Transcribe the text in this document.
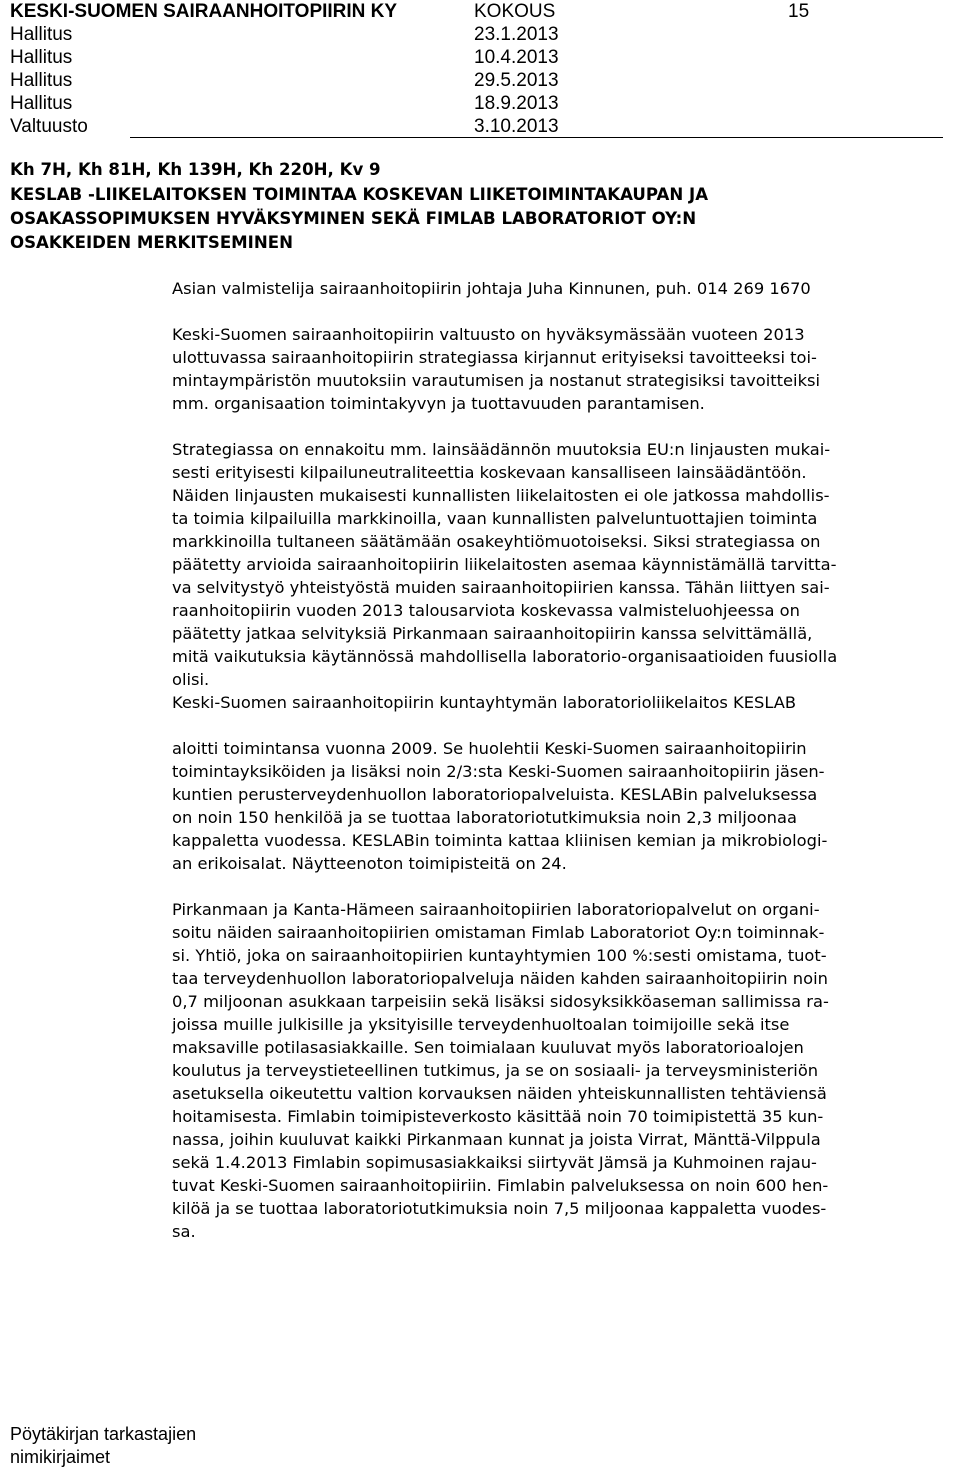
KESKI-SUOMEN SAIRAANHOITOPIIRIN KY	KOKOUS	15
Hallitus	23.1.2013
Hallitus	10.4.2013
Hallitus	29.5.2013
Hallitus	18.9.2013
Valtuusto	3.10.2013
Kh 7H, Kh 81H, Kh 139H, Kh 220H, Kv 9
KESLAB -LIIKELAITOKSEN TOIMINTAA KOSKEVAN LIIKETOIMINTAKAUPAN JA
OSAKASSOPIMUKSEN HYVÄKSYMINEN SEKÄ FIMLAB LABORATORIOT OY:N
OSAKKEIDEN MERKITSEMINEN
Asian valmistelija sairaanhoitopiirin johtaja Juha Kinnunen, puh. 014 269 1670
Keski-Suomen sairaanhoitopiirin valtuusto on hyväksymässään vuoteen 2013
ulottuvassa sairaanhoitopiirin strategiassa kirjannut erityiseksi tavoitteeksi toi-
mintaympäristön muutoksiin varautumisen ja nostanut strategisiksi tavoitteiksi
mm. organisaation toimintakyvyn ja tuottavuuden parantamisen.
Strategiassa on ennakoitu mm. lainsäädännön muutoksia EU:n linjausten mukai-
sesti erityisesti kilpailuneutraliteettia koskevaan kansalliseen lainsäädäntöön.
Näiden linjausten mukaisesti kunnallisten liikelaitosten ei ole jatkossa mahdollis-
ta toimia kilpailuilla markkinoilla, vaan kunnallisten palveluntuottajien toiminta
markkinoilla tultaneen säätämään osakeyhtiömuotoiseksi. Siksi strategiassa on
päätetty arvioida sairaanhoitopiirin liikelaitosten asemaa käynnistämällä tarvitta-
va selvitystyö yhteistyöstä muiden sairaanhoitopiirien kanssa. Tähän liittyen sai-
raanhoitopiirin vuoden 2013 talousarviota koskevassa valmisteluohjeessa on
päätetty jatkaa selvityksiä Pirkanmaan sairaanhoitopiirin kanssa selvittämällä,
mitä vaikutuksia käytännössä mahdollisella laboratorio-organisaatioiden fuusiolla
olisi.
Keski-Suomen sairaanhoitopiirin kuntayhtymän laboratorioliikelaitos KESLAB
aloitti toimintansa vuonna 2009. Se huolehtii Keski-Suomen sairaanhoitopiirin
toimintayksiköiden ja lisäksi noin 2/3:sta Keski-Suomen sairaanhoitopiirin jäsen-
kuntien perusterveydenhuollon laboratoriopalveluista. KESLABin palveluksessa
on noin 150 henkilöä ja se tuottaa laboratoriotutkimuksia noin 2,3 miljoonaa
kappaletta vuodessa. KESLABin toiminta kattaa kliinisen kemian ja mikrobiologi-
an erikoisalat. Näytteenoton toimipisteitä on 24.
Pirkanmaan ja Kanta-Hämeen sairaanhoitopiirien laboratoriopalvelut on organi-
soitu näiden sairaanhoitopiirien omistaman Fimlab Laboratoriot Oy:n toiminnak-
si. Yhtiö, joka on sairaanhoitopiirien kuntayhtymien 100 %:sesti omistama, tuot-
taa terveydenhuollon laboratoriopalveluja näiden kahden sairaanhoitopiirin noin
0,7 miljoonan asukkaan tarpeisiin sekä lisäksi sidosyksikköaseman sallimissa ra-
joissa muille julkisille ja yksityisille terveydenhuoltoalan toimijoille sekä itse
maksaville potilasasiakkaille. Sen toimialaan kuuluvat myös laboratorioalojen
koulutus ja terveystieteellinen tutkimus, ja se on sosiaali- ja terveysministeriön
asetuksella oikeutettu valtion korvauksen näiden yhteiskunnallisten tehtäviensä
hoitamisesta. Fimlabin toimipisteverkosto käsittää noin 70 toimipistettä 35 kun-
nassa, joihin kuuluvat kaikki Pirkanmaan kunnat ja joista Virrat, Mänttä-Vilppula
sekä 1.4.2013 Fimlabin sopimusasiakkaiksi siirtyvät Jämsä ja Kuhmoinen rajau-
tuvat Keski-Suomen sairaanhoitopiiriin. Fimlabin palveluksessa on noin 600 hen-
kilöä ja se tuottaa laboratoriotutkimuksia noin 7,5 miljoonaa kappaletta vuodes-
sa.
Pöytäkirjan tarkastajien
nimikirjaimet
